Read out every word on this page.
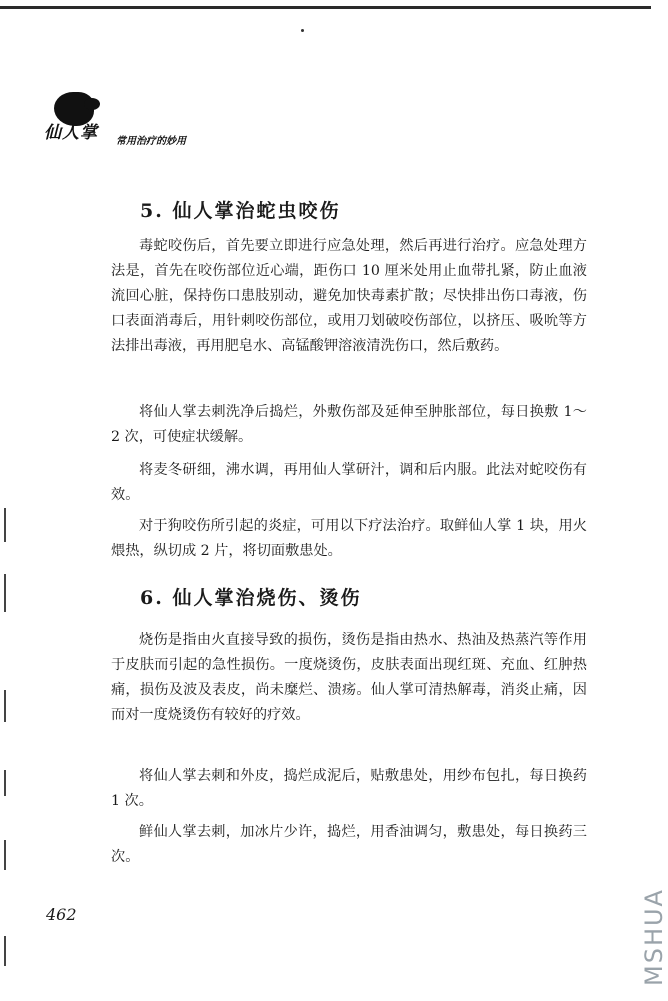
仙人掌 常用治疗的妙用
5. 仙人掌治蛇虫咬伤

毒蛇咬伤后，首先要立即进行应急处理，然后再进行治疗。应急处理方法是，首先在咬伤部位近心端，距伤口 10 厘米处用止血带扎紧，防止血液流回心脏，保持伤口患肢别动，避免加快毒素扩散；尽快排出伤口毒液，伤口表面消毒后，用针刺咬伤部位，或用刀划破咬伤部位，以挤压、吸吮等方法排出毒液，再用肥皂水、高锰酸钾溶液清洗伤口，然后敷药。

将仙人掌去刺洗净后捣烂，外敷伤部及延伸至肿胀部位，每日换敷 1～2 次，可使症状缓解。

将麦冬研细，沸水调，再用仙人掌研汁，调和后内服。此法对蛇咬伤有效。

对于狗咬伤所引起的炎症，可用以下疗法治疗。取鲜仙人掌 1 块，用火煨热，纵切成 2 片，将切面敷患处。

6. 仙人掌治烧伤、烫伤

烧伤是指由火直接导致的损伤，烫伤是指由热水、热油及热蒸汽等作用于皮肤而引起的急性损伤。一度烧烫伤，皮肤表面出现红斑、充血、红肿热痛，损伤及波及表皮，尚未糜烂、溃疡。仙人掌可清热解毒，消炎止痛，因而对一度烧烫伤有较好的疗效。

将仙人掌去刺和外皮，捣烂成泥后，贴敷患处，用纱布包扎，每日换药 1 次。

鲜仙人掌去刺，加冰片少许，捣烂，用香油调匀，敷患处，每日换药三次。

462	MSHUA
